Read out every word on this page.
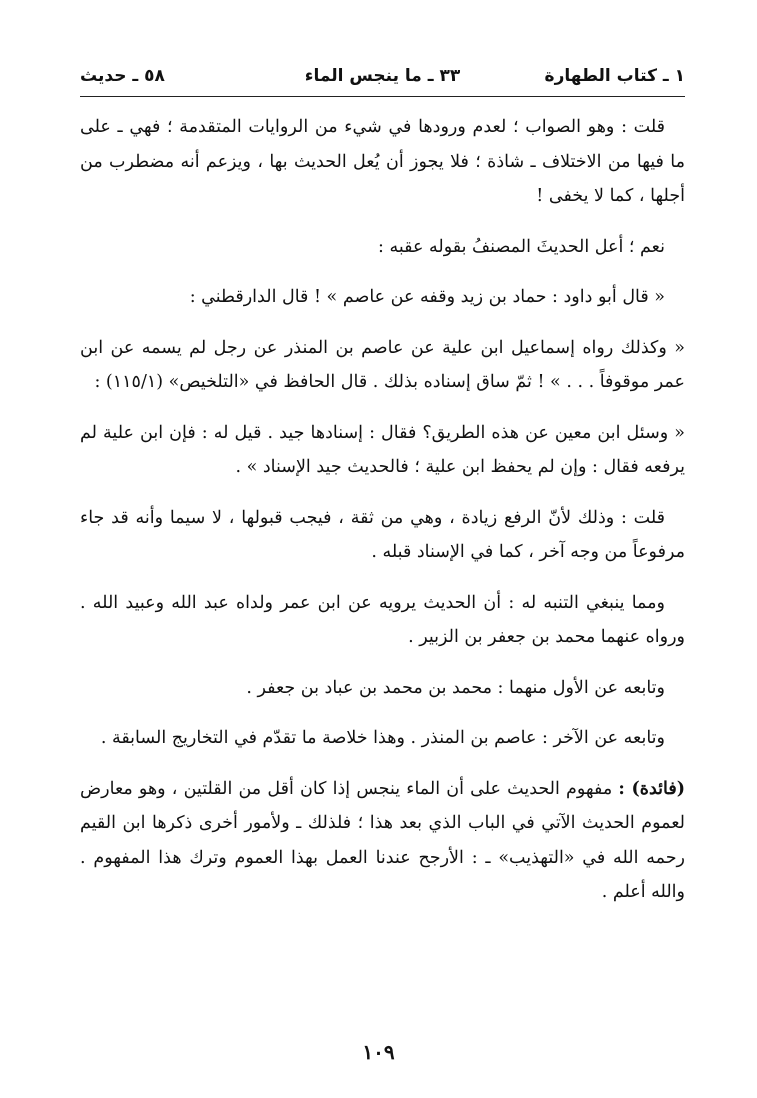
١ ـ كتاب الطهارة
٣٣ ـ ما ينجس الماء
٥٨ ـ حديث

قلت : وهو الصواب ؛ لعدم ورودها في شيء من الروايات المتقدمة ؛ فهي ـ على ما فيها من الاختلاف ـ شاذة ؛ فلا يجوز أن يُعل الحديث بها ، ويزعم أنه مضطرب من أجلها ، كما لا يخفى !

نعم ؛ أعل الحديثَ المصنفُ بقوله عقبه :

« قال أبو داود : حماد بن زيد وقفه عن عاصم » ! قال الدارقطني :

« وكذلك رواه إسماعيل ابن علية عن عاصم بن المنذر عن رجل لم يسمه عن ابن عمر موقوفاً . . . » ! ثمّ ساق إسناده بذلك . قال الحافظ في «التلخيص» (١١٥/١) :

« وسئل ابن معين عن هذه الطريق؟ فقال : إسنادها جيد . قيل له : فإن ابن علية لم يرفعه فقال : وإن لم يحفظ ابن علية ؛ فالحديث جيد الإسناد » .

قلت : وذلك لأنّ الرفع زيادة ، وهي من ثقة ، فيجب قبولها ، لا سيما وأنه قد جاء مرفوعاً من وجه آخر ، كما في الإسناد قبله .

ومما ينبغي التنبه له : أن الحديث يرويه عن ابن عمر ولداه عبد الله وعبيد الله . ورواه عنهما محمد بن جعفر بن الزبير .

وتابعه عن الأول منهما : محمد بن محمد بن عباد بن جعفر .

وتابعه عن الآخر : عاصم بن المنذر . وهذا خلاصة ما تقدّم في التخاريج السابقة .

(فائدة) : مفهوم الحديث على أن الماء ينجس إذا كان أقل من القلتين ، وهو معارض لعموم الحديث الآتي في الباب الذي بعد هذا ؛ فلذلك ـ ولأمور أخرى ذكرها ابن القيم رحمه الله في «التهذيب» ـ : الأرجح عندنا العمل بهذا العموم وترك هذا المفهوم . والله أعلم .

١٠٩
